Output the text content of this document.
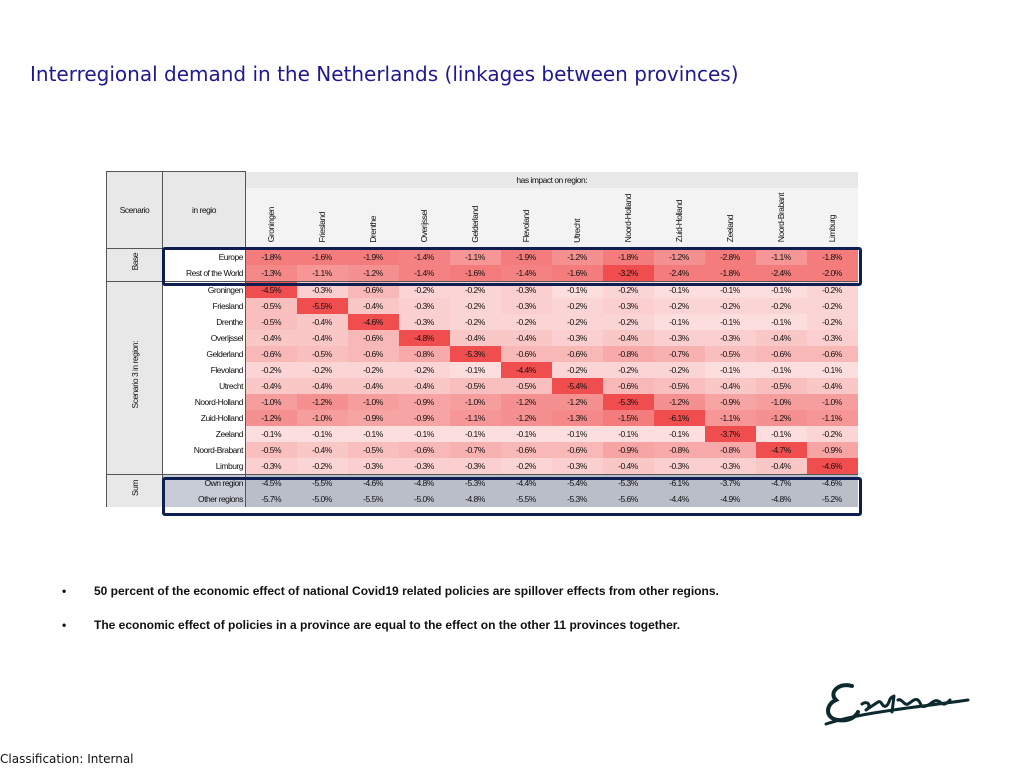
Interregional demand in the Netherlands (linkages between provinces)
Scenario	in regio	has impact on region:											
		Groningen	Friesland	Drenthe	Overijssel	Gelderland	Flevoland	Utrecht	Noord-Holland	Zuid-Holland	Zeeland	Noord-Brabant	Limburg
Base	Europe	-1.8%	-1.6%	-1.9%	-1.4%	-1.1%	-1.9%	-1.2%	-1.8%	-1.2%	-2.8%	-1.1%	-1.8%
	Rest of the World	-1.3%	-1.1%	-1.2%	-1.4%	-1.6%	-1.4%	-1.6%	-3.2%	-2.4%	-1.8%	-2.4%	-2.0%
Scenario 3 in region:	Groningen	-4.5%	-0.3%	-0.6%	-0.2%	-0.2%	-0.3%	-0.1%	-0.2%	-0.1%	-0.1%	-0.1%	-0.2%
	Friesland	-0.5%	-5.5%	-0.4%	-0.3%	-0.2%	-0.3%	-0.2%	-0.3%	-0.2%	-0.2%	-0.2%	-0.2%
	Drenthe	-0.5%	-0.4%	-4.6%	-0.3%	-0.2%	-0.2%	-0.2%	-0.2%	-0.1%	-0.1%	-0.1%	-0.2%
	Overijssel	-0.4%	-0.4%	-0.6%	-4.8%	-0.4%	-0.4%	-0.3%	-0.4%	-0.3%	-0.3%	-0.4%	-0.3%
	Gelderland	-0.6%	-0.5%	-0.6%	-0.8%	-5.3%	-0.6%	-0.6%	-0.8%	-0.7%	-0.5%	-0.6%	-0.6%
	Flevoland	-0.2%	-0.2%	-0.2%	-0.2%	-0.1%	-4.4%	-0.2%	-0.2%	-0.2%	-0.1%	-0.1%	-0.1%
	Utrecht	-0.4%	-0.4%	-0.4%	-0.4%	-0.5%	-0.5%	-5.4%	-0.6%	-0.5%	-0.4%	-0.5%	-0.4%
	Noord-Holland	-1.0%	-1.2%	-1.0%	-0.9%	-1.0%	-1.2%	-1.2%	-5.3%	-1.2%	-0.9%	-1.0%	-1.0%
	Zuid-Holland	-1.2%	-1.0%	-0.9%	-0.9%	-1.1%	-1.2%	-1.3%	-1.5%	-6.1%	-1.1%	-1.2%	-1.1%
	Zeeland	-0.1%	-0.1%	-0.1%	-0.1%	-0.1%	-0.1%	-0.1%	-0.1%	-0.1%	-3.7%	-0.1%	-0.2%
	Noord-Brabant	-0.5%	-0.4%	-0.5%	-0.6%	-0.7%	-0.6%	-0.6%	-0.9%	-0.8%	-0.8%	-4.7%	-0.9%
	Limburg	-0.3%	-0.2%	-0.3%	-0.3%	-0.3%	-0.2%	-0.3%	-0.4%	-0.3%	-0.3%	-0.4%	-4.6%
Sum	Own region	-4.5%	-5.5%	-4.6%	-4.8%	-5.3%	-4.4%	-5.4%	-5.3%	-6.1%	-3.7%	-4.7%	-4.6%
	Other regions	-5.7%	-5.0%	-5.5%	-5.0%	-4.8%	-5.5%	-5.3%	-5.6%	-4.4%	-4.9%	-4.8%	-5.2%
•	50 percent of the economic effect of national Covid19 related policies are spillover effects from other regions.
•	The economic effect of policies in a province are equal to the effect on the other 11 provinces together.
Classification: Internal
